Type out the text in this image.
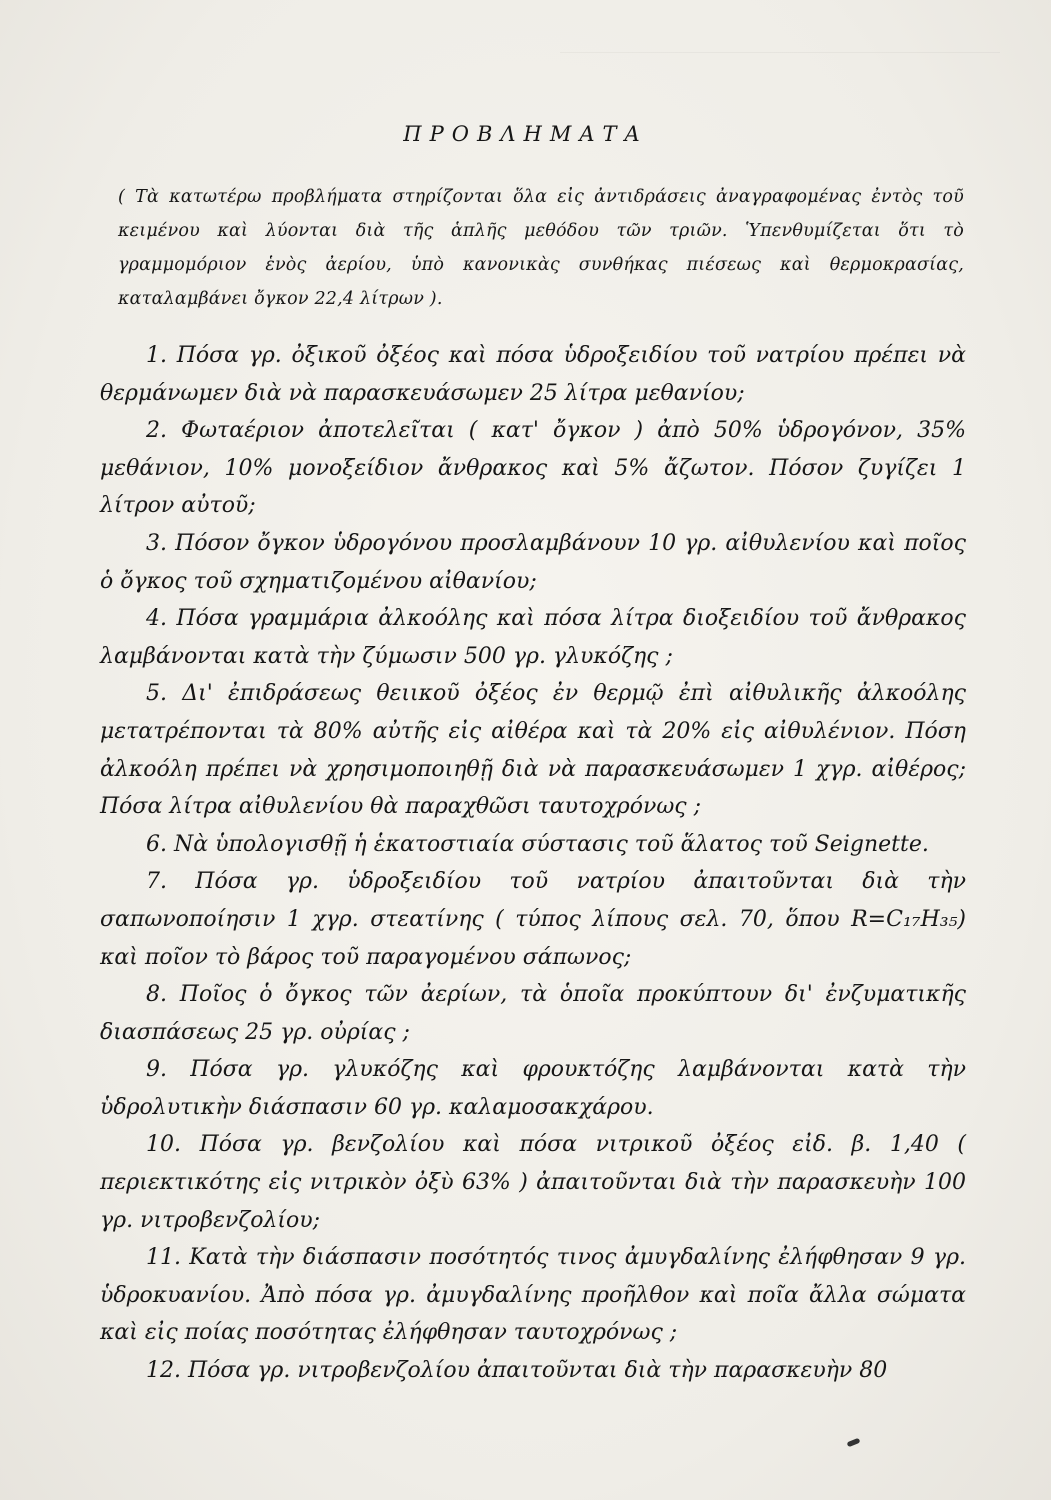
ΠΡΟΒΛΗΜΑΤΑ

( Τὰ κατωτέρω προβλήματα στηρίζονται ὅλα εἰς ἀντιδράσεις ἀναγραφομένας ἐντὸς τοῦ κειμένου καὶ λύονται διὰ τῆς ἁπλῆς μεθόδου τῶν τριῶν. Ὑπενθυμίζεται ὅτι τὸ γραμμομόριον ἑνὸς ἀερίου, ὑπὸ κανονικὰς συνθήκας πιέσεως καὶ θερμοκρασίας, καταλαμβάνει ὄγκον 22,4 λίτρων ).

1. Πόσα γρ. ὀξικοῦ ὀξέος καὶ πόσα ὑδροξειδίου τοῦ νατρίου πρέπει νὰ θερμάνωμεν διὰ νὰ παρασκευάσωμεν 25 λίτρα μεθανίου;

2. Φωταέριον ἀποτελεῖται ( κατ' ὄγκον ) ἀπὸ 50% ὑδρογόνον, 35% μεθάνιον, 10% μονοξείδιον ἄνθρακος καὶ 5% ἄζωτον. Πόσον ζυγίζει 1 λίτρον αὐτοῦ;

3. Πόσον ὄγκον ὑδρογόνου προσλαμβάνουν 10 γρ. αἰθυλενίου καὶ ποῖος ὁ ὄγκος τοῦ σχηματιζομένου αἰθανίου;

4. Πόσα γραμμάρια ἀλκοόλης καὶ πόσα λίτρα διοξειδίου τοῦ ἄνθρακος λαμβάνονται κατὰ τὴν ζύμωσιν 500 γρ. γλυκόζης ;

5. Δι' ἐπιδράσεως θειικοῦ ὀξέος ἐν θερμῷ ἐπὶ αἰθυλικῆς ἀλκοόλης μετατρέπονται τὰ 80% αὐτῆς εἰς αἰθέρα καὶ τὰ 20% εἰς αἰθυλένιον. Πόση ἀλκοόλη πρέπει νὰ χρησιμοποιηθῇ διὰ νὰ παρασκευάσωμεν 1 χγρ. αἰθέρος; Πόσα λίτρα αἰθυλενίου θὰ παραχθῶσι ταυτοχρόνως ;

6. Νὰ ὑπολογισθῇ ἡ ἑκατοστιαία σύστασις τοῦ ἅλατος τοῦ Seignette.

7. Πόσα γρ. ὑδροξειδίου τοῦ νατρίου ἀπαιτοῦνται διὰ τὴν σαπωνοποίησιν 1 χγρ. στεατίνης ( τύπος λίπους σελ. 70, ὅπου R=C₁₇H₃₅) καὶ ποῖον τὸ βάρος τοῦ παραγομένου σάπωνος;

8. Ποῖος ὁ ὄγκος τῶν ἀερίων, τὰ ὁποῖα προκύπτουν δι' ἐνζυματικῆς διασπάσεως 25 γρ. οὐρίας ;

9. Πόσα γρ. γλυκόζης καὶ φρουκτόζης λαμβάνονται κατὰ τὴν ὑδρολυτικὴν διάσπασιν 60 γρ. καλαμοσακχάρου.

10. Πόσα γρ. βενζολίου καὶ πόσα νιτρικοῦ ὀξέος εἰδ. β. 1,40 ( περιεκτικότης εἰς νιτρικὸν ὀξὺ 63% ) ἀπαιτοῦνται διὰ τὴν παρασκευὴν 100 γρ. νιτροβενζολίου;

11. Κατὰ τὴν διάσπασιν ποσότητός τινος ἀμυγδαλίνης ἐλήφθησαν 9 γρ. ὑδροκυανίου. Ἀπὸ πόσα γρ. ἀμυγδαλίνης προῆλθον καὶ ποῖα ἄλλα σώματα καὶ εἰς ποίας ποσότητας ἐλήφθησαν ταυτοχρόνως ;

12. Πόσα γρ. νιτροβενζολίου ἀπαιτοῦνται διὰ τὴν παρασκευὴν 80
